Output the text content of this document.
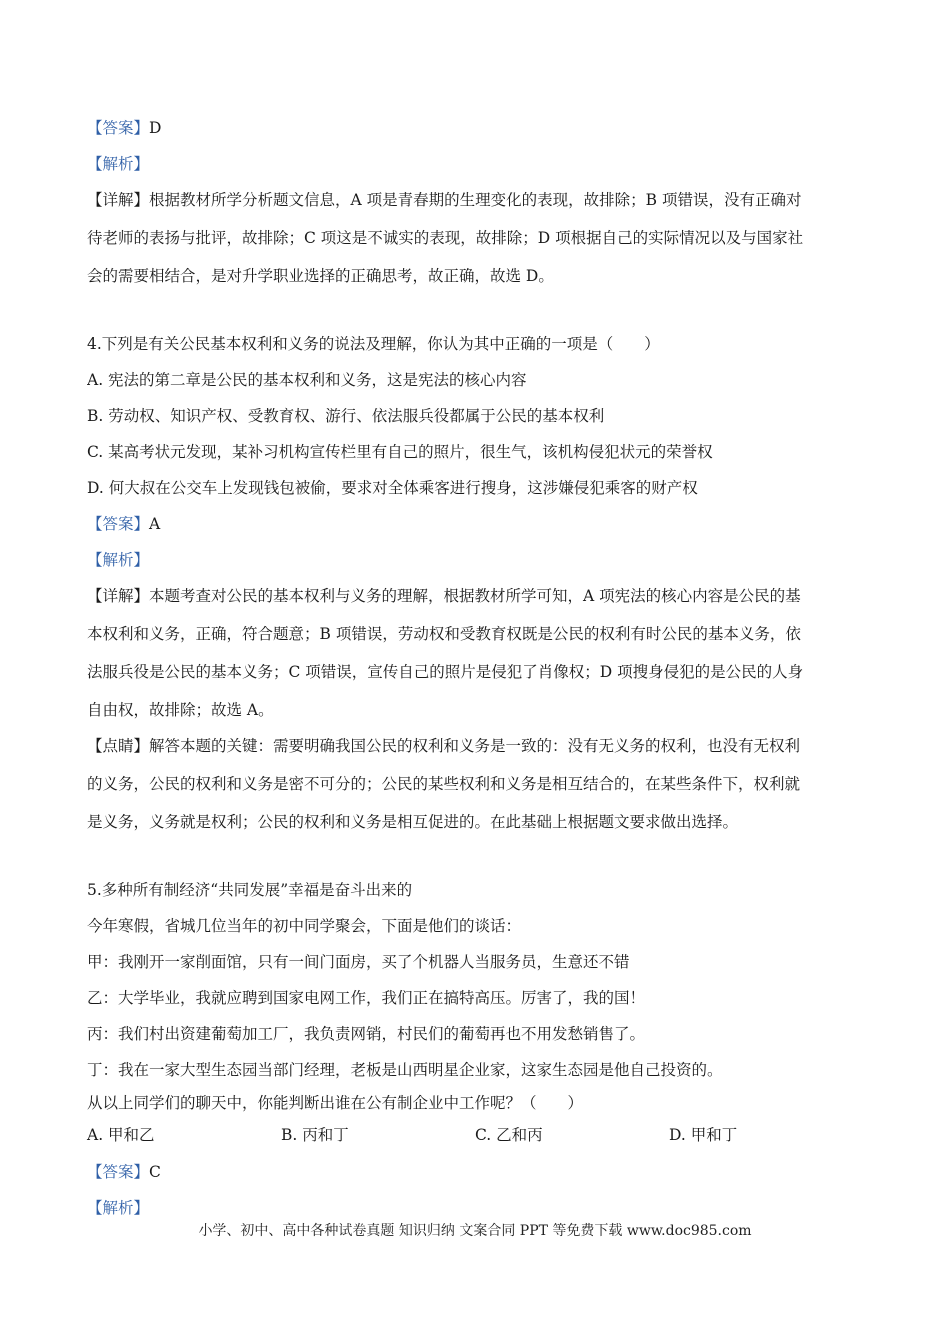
【答案】D
【解析】
【详解】根据教材所学分析题文信息，A 项是青春期的生理变化的表现，故排除；B 项错误，没有正确对
待老师的表扬与批评，故排除；C 项这是不诚实的表现，故排除；D 项根据自己的实际情况以及与国家社
会的需要相结合，是对升学职业选择的正确思考，故正确，故选 D。
4.下列是有关公民基本权利和义务的说法及理解，你认为其中正确的一项是（　　）
A. 宪法的第二章是公民的基本权利和义务，这是宪法的核心内容
B. 劳动权、知识产权、受教育权、游行、依法服兵役都属于公民的基本权利
C. 某高考状元发现，某补习机构宣传栏里有自己的照片，很生气，该机构侵犯状元的荣誉权
D. 何大叔在公交车上发现钱包被偷，要求对全体乘客进行搜身，这涉嫌侵犯乘客的财产权
【答案】A
【解析】
【详解】本题考查对公民的基本权利与义务的理解，根据教材所学可知，A 项宪法的核心内容是公民的基
本权利和义务，正确，符合题意；B 项错误，劳动权和受教育权既是公民的权利有时公民的基本义务，依
法服兵役是公民的基本义务；C 项错误，宣传自己的照片是侵犯了肖像权；D 项搜身侵犯的是公民的人身
自由权，故排除；故选 A。
【点睛】解答本题的关键：需要明确我国公民的权利和义务是一致的：没有无义务的权利，也没有无权利
的义务，公民的权利和义务是密不可分的；公民的某些权利和义务是相互结合的，在某些条件下，权利就
是义务，义务就是权利；公民的权利和义务是相互促进的。在此基础上根据题文要求做出选择。
5.多种所有制经济“共同发展”幸福是奋斗出来的
今年寒假，省城几位当年的初中同学聚会，下面是他们的谈话：
甲：我刚开一家削面馆，只有一间门面房，买了个机器人当服务员，生意还不错
乙：大学毕业，我就应聘到国家电网工作，我们正在搞特高压。厉害了，我的国！
丙：我们村出资建葡萄加工厂，我负责网销，村民们的葡萄再也不用发愁销售了。
丁：我在一家大型生态园当部门经理，老板是山西明星企业家，这家生态园是他自己投资的。
从以上同学们的聊天中，你能判断出谁在公有制企业中工作呢？（　　）
A. 甲和乙	B. 丙和丁	C. 乙和丙	D. 甲和丁
【答案】C
【解析】
小学、初中、高中各种试卷真题 知识归纳 文案合同 PPT 等免费下载 www.doc985.com
